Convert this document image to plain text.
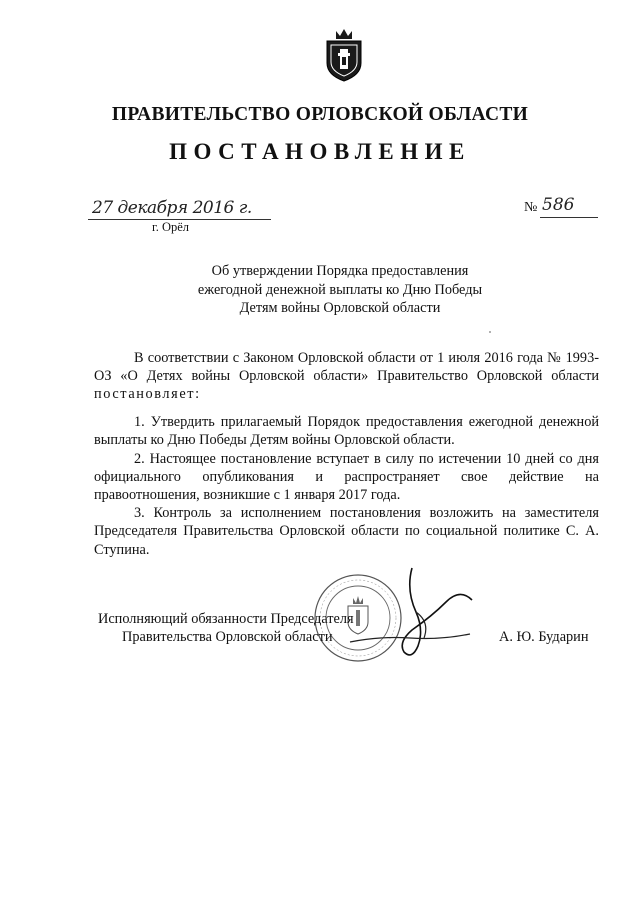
ПРАВИТЕЛЬСТВО ОРЛОВСКОЙ ОБЛАСТИ
ПОСТАНОВЛЕНИЕ
27 декабря 2016 г.
г. Орёл
№ 586
Об утверждении Порядка предоставления
ежегодной денежной выплаты ко Дню Победы
Детям войны Орловской области

В соответствии с Законом Орловской области от 1 июля 2016 года № 1993-ОЗ «О Детях войны Орловской области» Правительство Орловской области постановляет:

1. Утвердить прилагаемый Порядок предоставления ежегодной денежной выплаты ко Дню Победы Детям войны Орловской области.

2. Настоящее постановление вступает в силу по истечении 10 дней со дня официального опубликования и распространяет свое действие на правоотношения, возникшие с 1 января 2017 года.

3. Контроль за исполнением постановления возложить на заместителя Председателя Правительства Орловской области по социальной политике С. А. Ступина.

Исполняющий обязанности Председателя
Правительства Орловской области	А. Ю. Бударин
